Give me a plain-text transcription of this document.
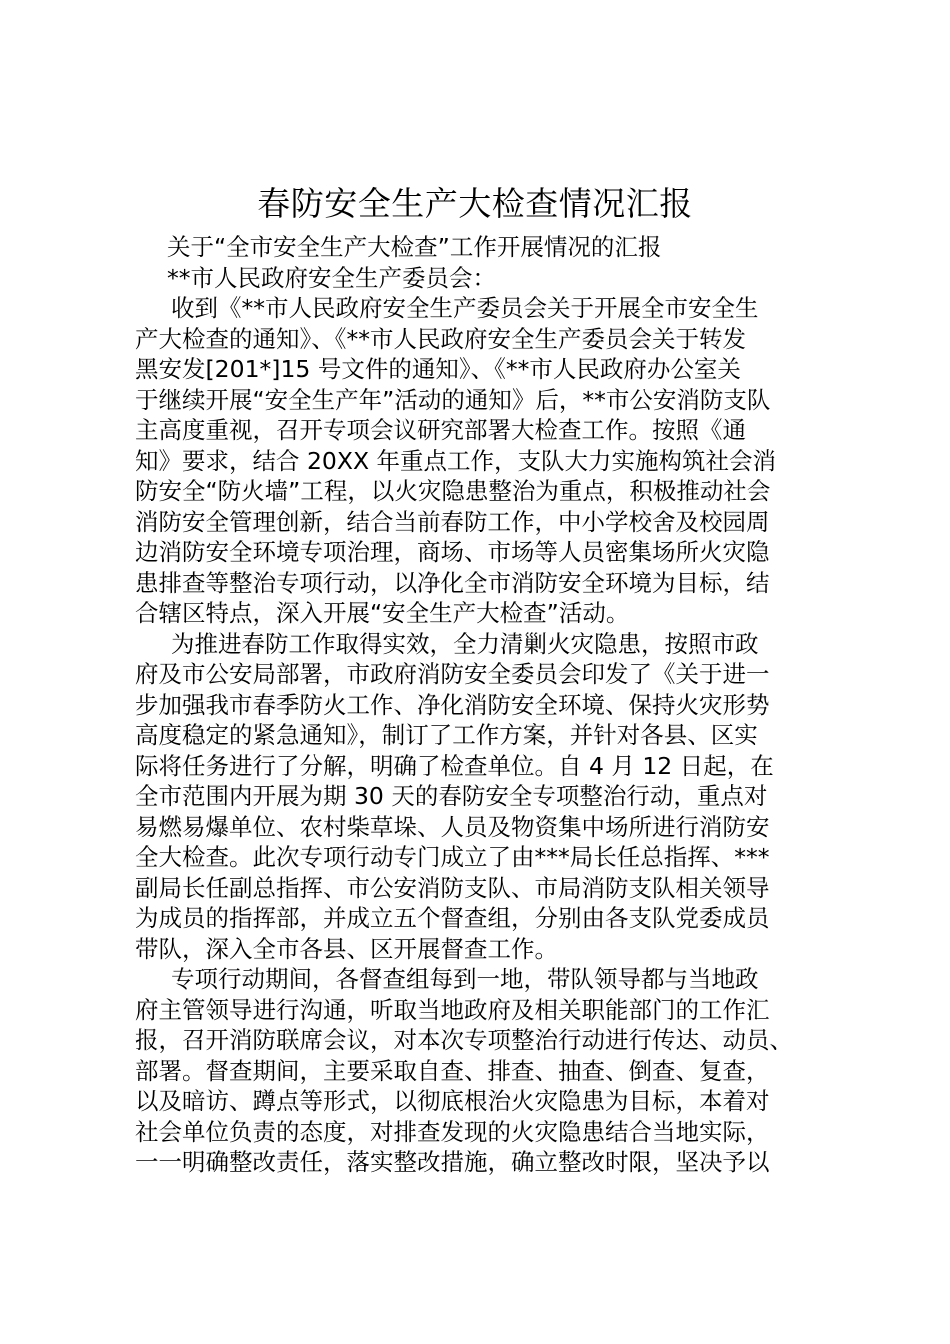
春防安全生产大检查情况汇报
关于“全市安全生产大检查”工作开展情况的汇报
**市人民政府安全生产委员会：
收到《**市人民政府安全生产委员会关于开展全市安全生
产大检查的通知》、《**市人民政府安全生产委员会关于转发
黑安发[201*]15 号文件的通知》、《**市人民政府办公室关
于继续开展“安全生产年”活动的通知》后，**市公安消防支队
主高度重视，召开专项会议研究部署大检查工作。按照《通
知》要求，结合 20XX 年重点工作，支队大力实施构筑社会消
防安全“防火墙”工程，以火灾隐患整治为重点，积极推动社会
消防安全管理创新，结合当前春防工作，中小学校舍及校园周
边消防安全环境专项治理，商场、市场等人员密集场所火灾隐
患排查等整治专项行动，以净化全市消防安全环境为目标，结
合辖区特点，深入开展“安全生产大检查”活动。
为推进春防工作取得实效，全力清剿火灾隐患，按照市政
府及市公安局部署，市政府消防安全委员会印发了《关于进一
步加强我市春季防火工作、净化消防安全环境、保持火灾形势
高度稳定的紧急通知》，制订了工作方案，并针对各县、区实
际将任务进行了分解，明确了检查单位。自 4 月 12 日起，在
全市范围内开展为期 30 天的春防安全专项整治行动，重点对
易燃易爆单位、农村柴草垛、人员及物资集中场所进行消防安
全大检查。此次专项行动专门成立了由***局长任总指挥、***
副局长任副总指挥、市公安消防支队、市局消防支队相关领导
为成员的指挥部，并成立五个督查组，分别由各支队党委成员
带队，深入全市各县、区开展督查工作。
专项行动期间，各督查组每到一地，带队领导都与当地政
府主管领导进行沟通，听取当地政府及相关职能部门的工作汇
报，召开消防联席会议，对本次专项整治行动进行传达、动员、
部署。督查期间，主要采取自查、排查、抽查、倒查、复查，
以及暗访、蹲点等形式，以彻底根治火灾隐患为目标，本着对
社会单位负责的态度，对排查发现的火灾隐患结合当地实际，
一一明确整改责任，落实整改措施，确立整改时限，坚决予以
